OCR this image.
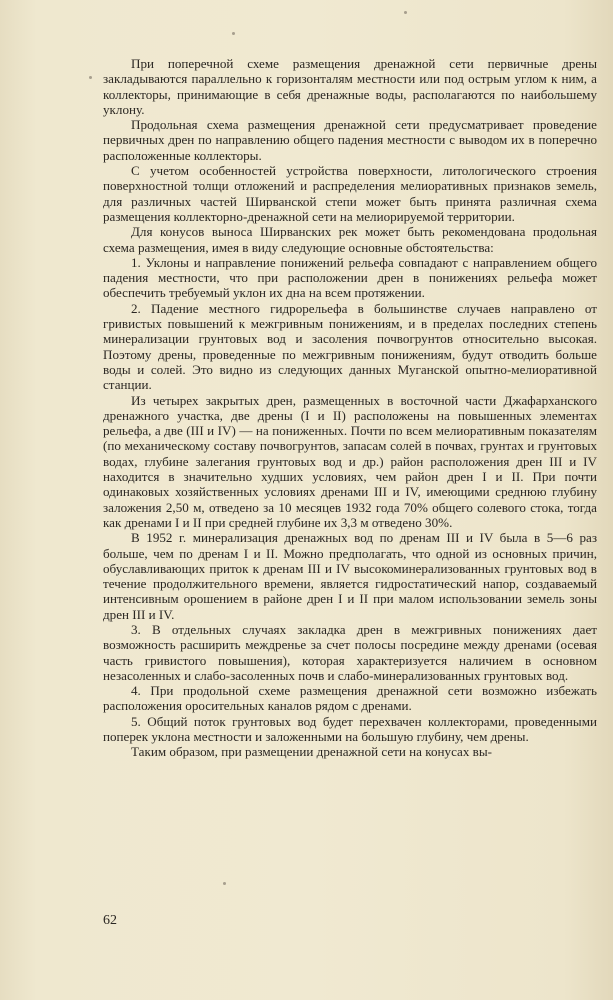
При поперечной схеме размещения дренажной сети первичные дрены закладываются параллельно к горизонталям местности или под острым углом к ним, а коллекторы, принимающие в себя дренажные воды, располагаются по наибольшему уклону.

Продольная схема размещения дренажной сети предусматривает проведение первичных дрен по направлению общего падения местности с выводом их в поперечно расположенные коллекторы.

С учетом особенностей устройства поверхности, литологического строения поверхностной толщи отложений и распределения мелиоративных признаков земель, для различных частей Ширванской степи может быть принята различная схема размещения коллекторно-дренажной сети на мелиорируемой территории.

Для конусов выноса Ширванских рек может быть рекомендована продольная схема размещения, имея в виду следующие основные обстоятельства:

1. Уклоны и направление понижений рельефа совпадают с направлением общего падения местности, что при расположении дрен в понижениях рельефа может обеспечить требуемый уклон их дна на всем протяжении.

2. Падение местного гидрорельефа в большинстве случаев направлено от гривистых повышений к межгривным понижениям, и в пределах последних степень минерализации грунтовых вод и засоления почвогрунтов относительно высокая. Поэтому дрены, проведенные по межгривным понижениям, будут отводить больше воды и солей. Это видно из следующих данных Муганской опытно-мелиоративной станции.

Из четырех закрытых дрен, размещенных в восточной части Джафарханского дренажного участка, две дрены (I и II) расположены на повышенных элементах рельефа, а две (III и IV) — на пониженных. Почти по всем мелиоративным показателям (по механическому составу почвогрунтов, запасам солей в почвах, грунтах и грунтовых водах, глубине залегания грунтовых вод и др.) район расположения дрен III и IV находится в значительно худших условиях, чем район дрен I и II. При почти одинаковых хозяйственных условиях дренами III и IV, имеющими среднюю глубину заложения 2,50 м, отведено за 10 месяцев 1932 года 70% общего солевого стока, тогда как дренами I и II при средней глубине их 3,3 м отведено 30%.

В 1952 г. минерализация дренажных вод по дренам III и IV была в 5—6 раз больше, чем по дренам I и II. Можно предполагать, что одной из основных причин, обуславливающих приток к дренам III и IV высокоминерализованных грунтовых вод в течение продолжительного времени, является гидростатический напор, создаваемый интенсивным орошением в районе дрен I и II при малом использовании земель зоны дрен III и IV.

3. В отдельных случаях закладка дрен в межгривных понижениях дает возможность расширить междренье за счет полосы посредине между дренами (осевая часть гривистого повышения), которая характеризуется наличием в основном незасоленных и слабо-засоленных почв и слабо-минерализованных грунтовых вод.

4. При продольной схеме размещения дренажной сети возможно избежать расположения оросительных каналов рядом с дренами.

5. Общий поток грунтовых вод будет перехвачен коллекторами, проведенными поперек уклона местности и заложенными на большую глубину, чем дрены.

Таким образом, при размещении дренажной сети на конусах вы-

62
